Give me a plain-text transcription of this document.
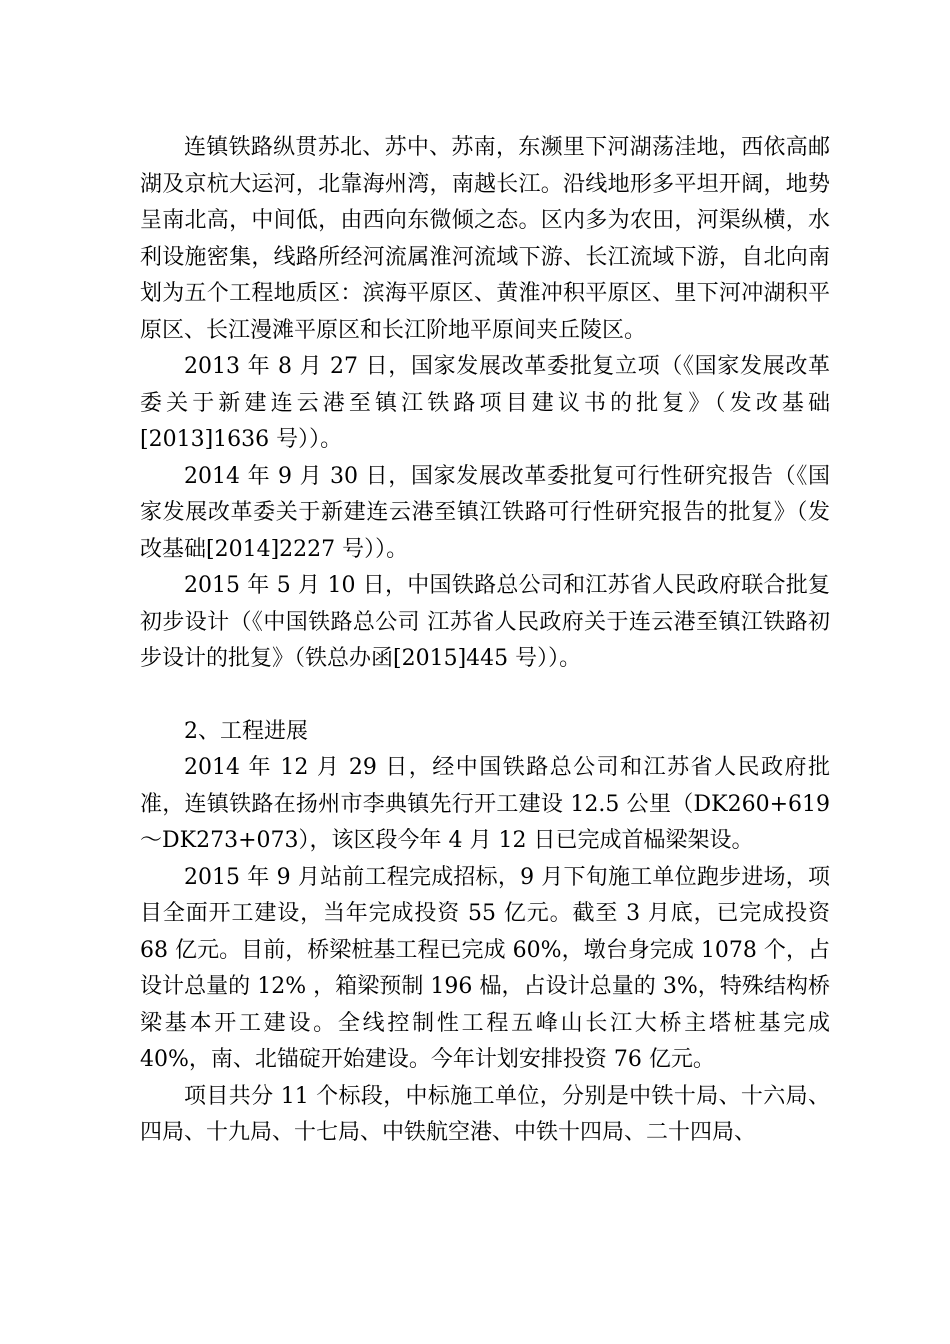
连镇铁路纵贯苏北、苏中、苏南，东濒里下河湖荡洼地，西依高邮湖及京杭大运河，北靠海州湾，南越长江。沿线地形多平坦开阔，地势呈南北高，中间低，由西向东微倾之态。区内多为农田，河渠纵横，水利设施密集，线路所经河流属淮河流域下游、长江流域下游，自北向南划为五个工程地质区：滨海平原区、黄淮冲积平原区、里下河冲湖积平原区、长江漫滩平原区和长江阶地平原间夹丘陵区。

2013 年 8 月 27 日，国家发展改革委批复立项（《国家发展改革委关于新建连云港至镇江铁路项目建议书的批复》（发改基础[2013]1636 号））。

2014 年 9 月 30 日，国家发展改革委批复可行性研究报告（《国家发展改革委关于新建连云港至镇江铁路可行性研究报告的批复》（发改基础[2014]2227 号））。

2015 年 5 月 10 日，中国铁路总公司和江苏省人民政府联合批复初步设计（《中国铁路总公司 江苏省人民政府关于连云港至镇江铁路初步设计的批复》（铁总办函[2015]445 号））。

2、工程进展

2014 年 12 月 29 日，经中国铁路总公司和江苏省人民政府批准，连镇铁路在扬州市李典镇先行开工建设 12.5 公里（DK260+619～DK273+073），该区段今年 4 月 12 日已完成首榀梁架设。

2015 年 9 月站前工程完成招标，9 月下旬施工单位跑步进场，项目全面开工建设，当年完成投资 55 亿元。截至 3 月底，已完成投资 68 亿元。目前，桥梁桩基工程已完成 60%，墩台身完成 1078 个，占设计总量的 12% ，箱梁预制 196 榀，占设计总量的 3%，特殊结构桥梁基本开工建设。全线控制性工程五峰山长江大桥主塔桩基完成 40%，南、北锚碇开始建设。今年计划安排投资 76 亿元。

项目共分 11 个标段，中标施工单位，分别是中铁十局、十六局、四局、十九局、十七局、中铁航空港、中铁十四局、二十四局、
